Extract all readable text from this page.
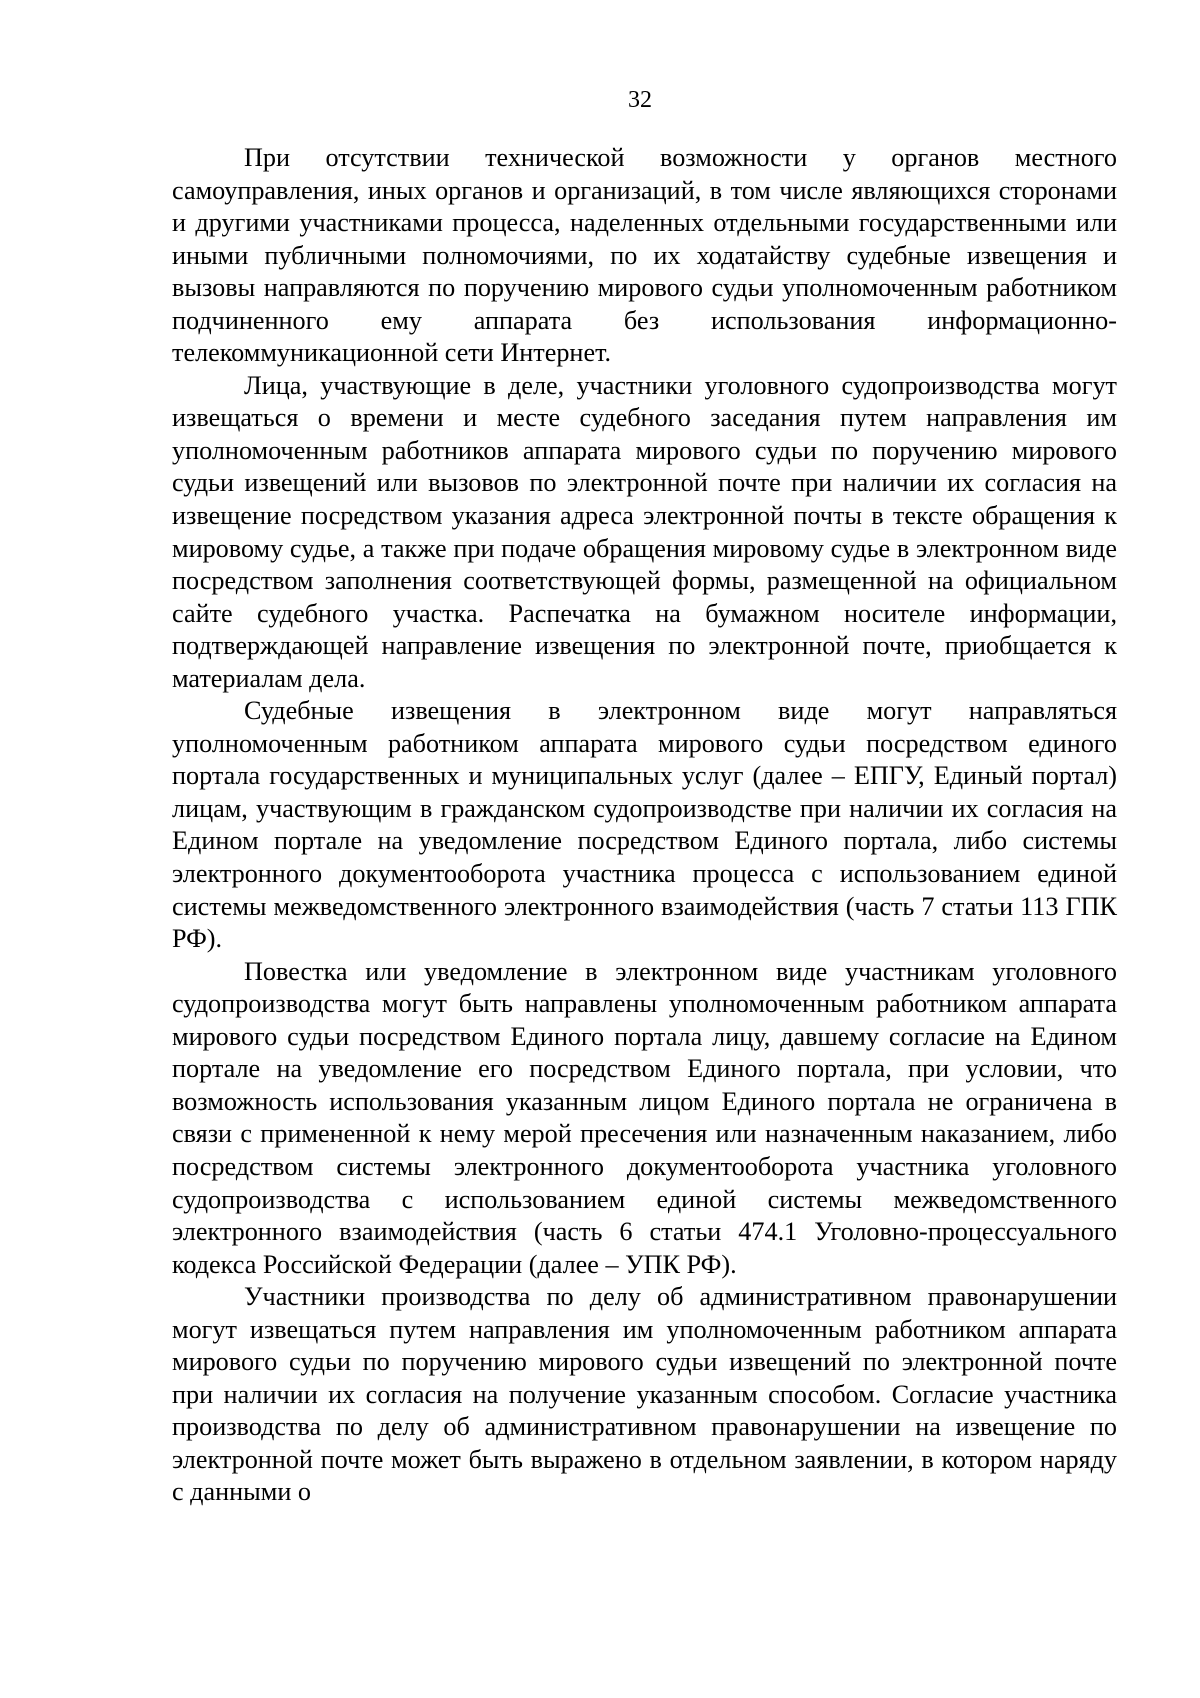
32

При отсутствии технической возможности у органов местного самоуправления, иных органов и организаций, в том числе являющихся сторонами и другими участниками процесса, наделенных отдельными государственными или иными публичными полномочиями, по их ходатайству судебные извещения и вызовы направляются по поручению мирового судьи уполномоченным работником подчиненного ему аппарата без использования информационно-телекоммуникационной сети Интернет.

Лица, участвующие в деле, участники уголовного судопроизводства могут извещаться о времени и месте судебного заседания путем направления им уполномоченным работников аппарата мирового судьи по поручению мирового судьи извещений или вызовов по электронной почте при наличии их согласия на извещение посредством указания адреса электронной почты в тексте обращения к мировому судье, а также при подаче обращения мировому судье в электронном виде посредством заполнения соответствующей формы, размещенной на официальном сайте судебного участка. Распечатка на бумажном носителе информации, подтверждающей направление извещения по электронной почте, приобщается к материалам дела.

Судебные извещения в электронном виде могут направляться уполномоченным работником аппарата мирового судьи посредством единого портала государственных и муниципальных услуг (далее – ЕПГУ, Единый портал) лицам, участвующим в гражданском судопроизводстве при наличии их согласия на Едином портале на уведомление посредством Единого портала, либо системы электронного документооборота участника процесса с использованием единой системы межведомственного электронного взаимодействия (часть 7 статьи 113 ГПК РФ).

Повестка или уведомление в электронном виде участникам уголовного судопроизводства могут быть направлены уполномоченным работником аппарата мирового судьи посредством Единого портала лицу, давшему согласие на Едином портале на уведомление его посредством Единого портала, при условии, что возможность использования указанным лицом Единого портала не ограничена в связи с примененной к нему мерой пресечения или назначенным наказанием, либо посредством системы электронного документооборота участника уголовного судопроизводства с использованием единой системы межведомственного электронного взаимодействия (часть 6 статьи 474.1 Уголовно-процессуального кодекса Российской Федерации (далее – УПК РФ).

Участники производства по делу об административном правонарушении могут извещаться путем направления им уполномоченным работником аппарата мирового судьи по поручению мирового судьи извещений по электронной почте при наличии их согласия на получение указанным способом. Согласие участника производства по делу об административном правонарушении на извещение по электронной почте может быть выражено в отдельном заявлении, в котором наряду с данными о
